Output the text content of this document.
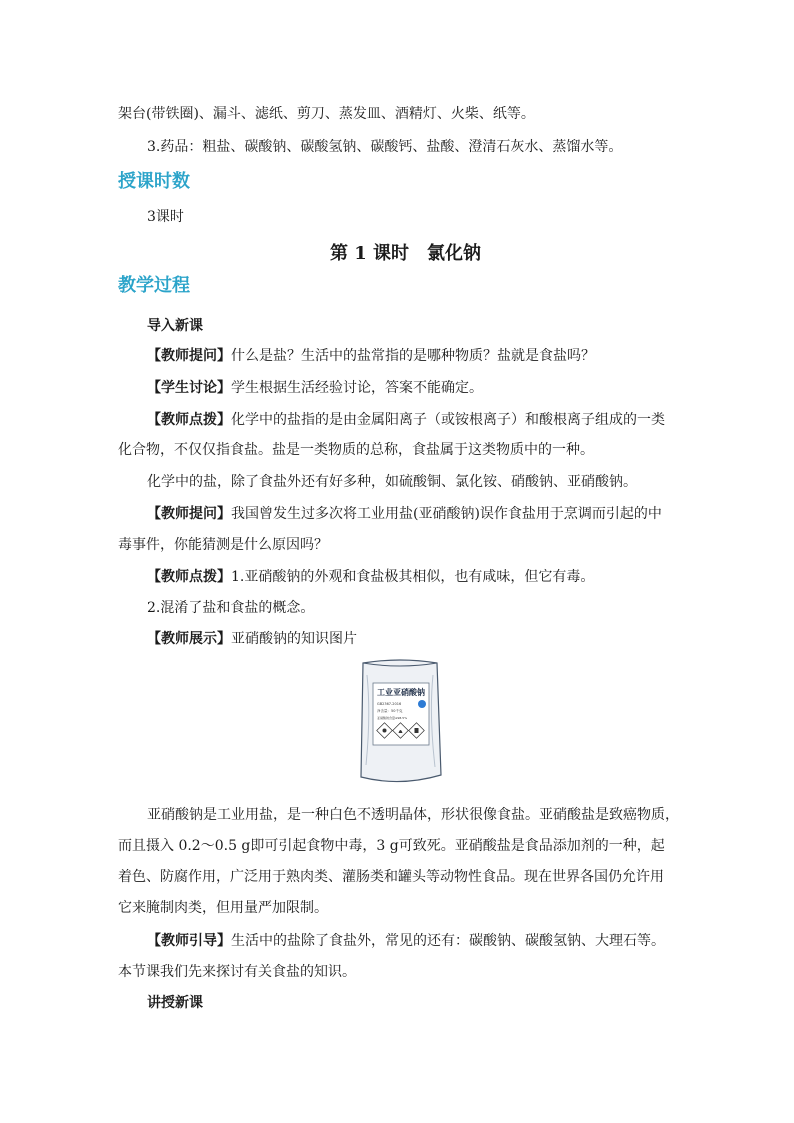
架台(带铁圈)、漏斗、滤纸、剪刀、蒸发皿、酒精灯、火柴、纸等。
3.药品：粗盐、碳酸钠、碳酸氢钠、碳酸钙、盐酸、澄清石灰水、蒸馏水等。
授课时数
3课时
第 1 课时　氯化钠
教学过程
导入新课
【教师提问】什么是盐？生活中的盐常指的是哪种物质？盐就是食盐吗？
【学生讨论】学生根据生活经验讨论，答案不能确定。
【教师点拨】化学中的盐指的是由金属阳离子（或铵根离子）和酸根离子组成的一类
化合物，不仅仅指食盐。盐是一类物质的总称，食盐属于这类物质中的一种。
化学中的盐，除了食盐外还有好多种，如硫酸铜、氯化铵、硝酸钠、亚硝酸钠。
【教师提问】我国曾发生过多次将工业用盐(亚硝酸钠)误作食盐用于烹调而引起的中
毒事件，你能猜测是什么原因吗？
【教师点拨】1.亚硝酸钠的外观和食盐极其相似，也有咸味，但它有毒。
2.混淆了盐和食盐的概念。
【教师展示】亚硝酸钠的知识图片
工业亚硝酸钠
GB2367-2016
净含量：50千克
亚硝酸钠含量≥98.5%
亚硝酸钠是工业用盐，是一种白色不透明晶体，形状很像食盐。亚硝酸盐是致癌物质，
而且摄入 0.2～0.5 g即可引起食物中毒，3 g可致死。亚硝酸盐是食品添加剂的一种，起
着色、防腐作用，广泛用于熟肉类、灌肠类和罐头等动物性食品。现在世界各国仍允许用
它来腌制肉类，但用量严加限制。
【教师引导】生活中的盐除了食盐外，常见的还有：碳酸钠、碳酸氢钠、大理石等。
本节课我们先来探讨有关食盐的知识。
讲授新课
